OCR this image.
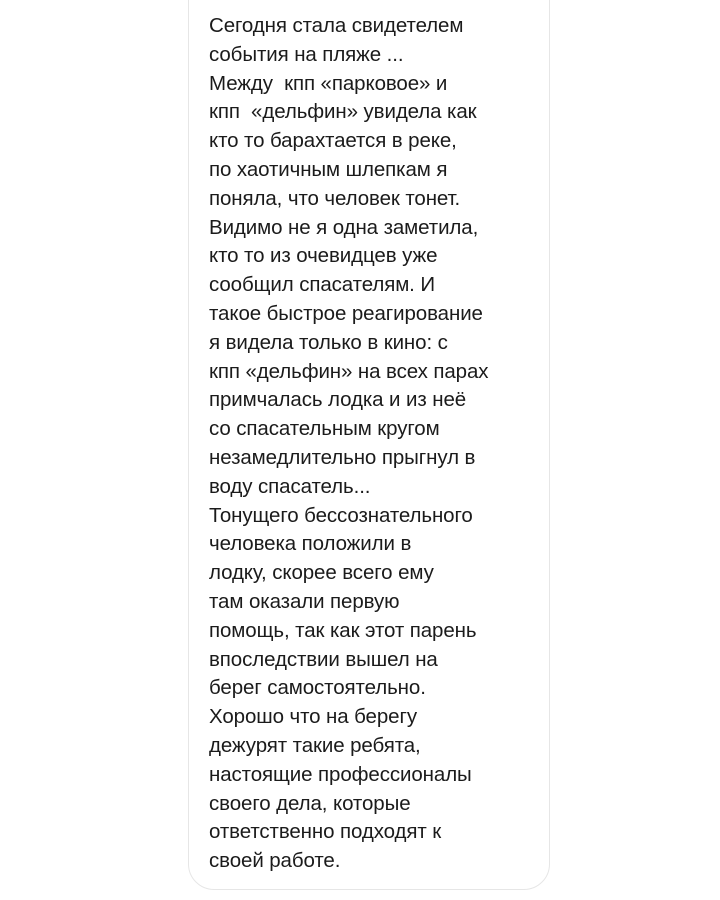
Сегодня стала свидетелем
события на пляже ...
Между  кпп «парковое» и
кпп  «дельфин» увидела как
кто то барахтается в реке,
по хаотичным шлепкам я
поняла, что человек тонет.
Видимо не я одна заметила,
кто то из очевидцев уже
сообщил спасателям. И
такое быстрое реагирование
я видела только в кино: с
кпп «дельфин» на всех парах
примчалась лодка и из неё
со спасательным кругом
незамедлительно прыгнул в
воду спасатель...
Тонущего бессознательного
человека положили в
лодку, скорее всего ему
там оказали первую
помощь, так как этот парень
впоследствии вышел на
берег самостоятельно.
Хорошо что на берегу
дежурят такие ребята,
настоящие профессионалы
своего дела, которые
ответственно подходят к
своей работе.
